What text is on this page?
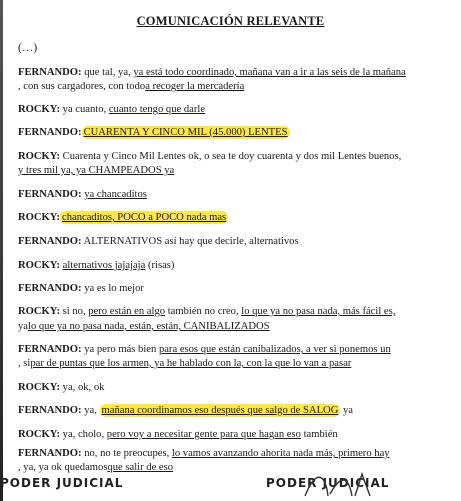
COMUNICACIÓN RELEVANTE
(…)
FERNANDO: que tal, ya, ya está todo coordinado, mañana van a ir a las seis de la mañana
, con sus cargadores, con todoa recoger la mercadería
ROCKY: ya cuanto, cuanto tengo que darle
FERNANDO: CUARENTA Y CINCO MIL (45.000) LENTES
ROCKY: Cuarenta y Cinco Mil Lentes ok, o sea te doy cuarenta y dos mil Lentes buenos,
y tres mil ya, ya CHAMPEADOS ya
FERNANDO: ya chancaditos
ROCKY: chancaditos, POCO a POCO nada mas
FERNANDO: ALTERNATIVOS así hay que decirle, alternativos
ROCKY: alternativos jajajaja (risas)
FERNANDO: ya es lo mejor
ROCKY: si no, pero están en algo también no creo, lo que ya no pasa nada, más fácil es,
yalo que ya no pasa nada, están, están, CANIBALIZADOS
FERNANDO: ya pero más bien para esos que están canibalizados, a ver si ponemos un
, sipar de puntas que los armen, ya he hablado con la, con la que lo van a pasar
ROCKY: ya, ok, ok
FERNANDO: ya, mañana coordinamos eso después que salgo de SALOG ya
ROCKY: ya, cholo, pero voy a necesitar gente para que hagan eso también
FERNANDO: no, no te preocupes, lo vamos avanzando ahorita nada más, primero hay
, ya, ya ok quedamosque salir de eso
PODER JUDICIAL	PODER JUDICIAL
